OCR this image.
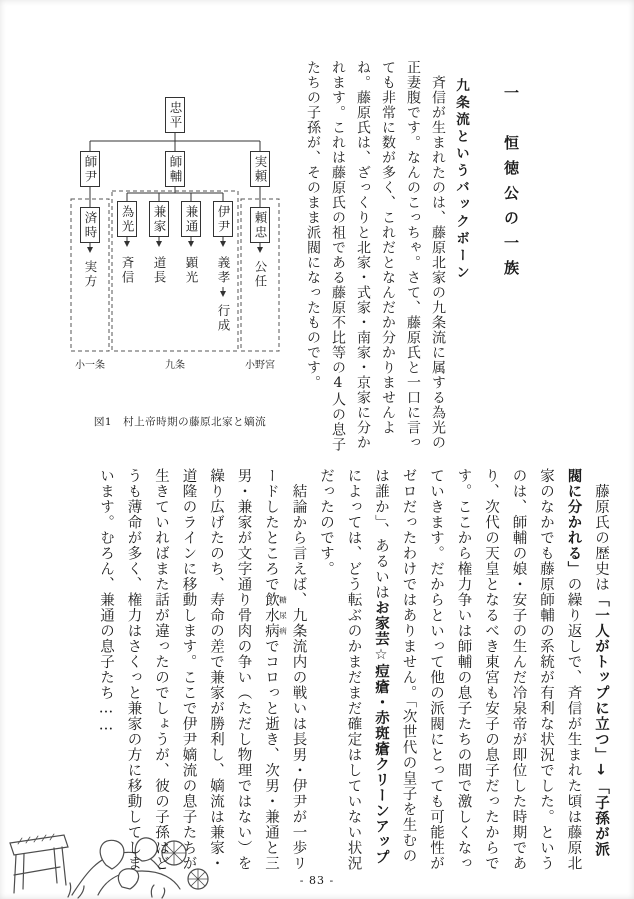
一　恒徳公の一族
九条流というバックボーン

　斉信が生まれたのは、藤原北家の九条流に属する為光の正妻腹です。なんのこっちゃ。さて、藤原氏と一口に言っても非常に数が多く、これだとなんだか分かりませんよね。藤原氏は、ざっくりと北家・式家・南家・京家に分かれます。これは藤原氏の祖である藤原不比等の4人の息子たちの子孫が、そのまま派閥になったものです。

忠平
師尹	師輔	実頼
済時
実方
為光 兼家 兼通 伊尹
斉信 道長 顕光 義孝
行成
頼忠
公任
小一条	九条	小野宮
図1　村上帝時期の藤原北家と嫡流

　藤原氏の歴史は「一人がトップに立つ」↓「子孫が派閥に分かれる」の繰り返しで、斉信が生まれた頃は藤原北家のなかでも藤原師輔の系統が有利な状況でした。というのは、師輔の娘・安子の生んだ冷泉帝が即位した時期であり、次代の天皇となるべき東宮も安子の息子だったからです。ここから権力争いは師輔の息子たちの間で激しくなっていきます。だからといって他の派閥にとっても可能性がゼロだったわけではありません。「次世代の皇子を生むのは誰か」、あるいはお家芸☆痘瘡・赤斑瘡クリーンアップによっては、どう転ぶのかまだまだ確定はしていない状況だったのです。

　結論から言えば、九条流内の戦いは長男・伊尹が一歩リードしたところで飲水病 糖尿病でコロっと逝き、次男・兼通と三男・兼家が文字通り骨肉の争い（ただし物理ではない）を繰り広げたのち、寿命の差で兼家が勝利し、嫡流は兼家・道隆のラインに移動します。ここで伊尹嫡流の息子たちが生きていればまた話が違ったのでしょうが、彼の子孫はどうも薄命が多く、権力はさくっと兼家の方に移動してしまいます。むろん、兼通の息子たち……

- 83 -
